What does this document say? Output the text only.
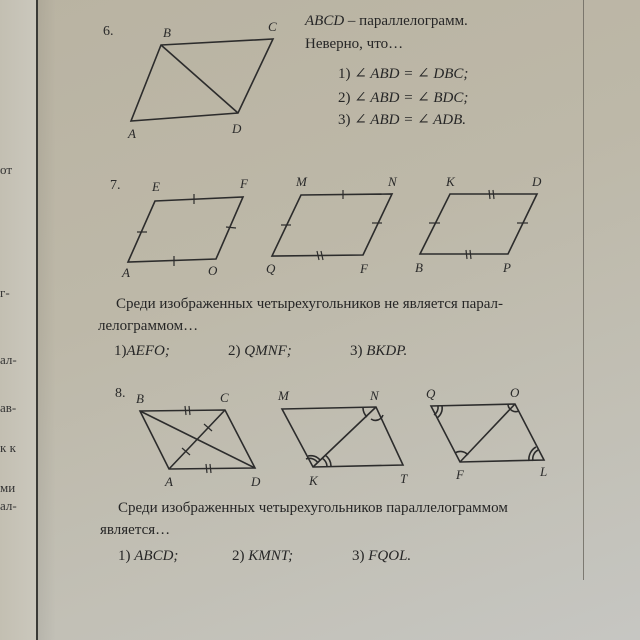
от
г-
ал-
ав-
к к
ми
ал-
6.
ABCD – параллелограмм.
Неверно, что…
1) ∠ ABD = ∠ DBC;
2) ∠ ABD = ∠ BDC;
3) ∠ ABD = ∠ ADB.
7.
Среди изображенных четырехугольников не является парал-
лелограммом…
1)AEFO;	2) QMNF;	3) BKDP.
8.
Среди изображенных четырехугольников параллелограммом
является…
1) ABCD;	2) KMNT;	3) FQOL.
B	C
A	D
E	F
A	O
M	N
Q	F
K	D
B	P
B	C
A	D
M	N
K	T
Q	O
F	L
